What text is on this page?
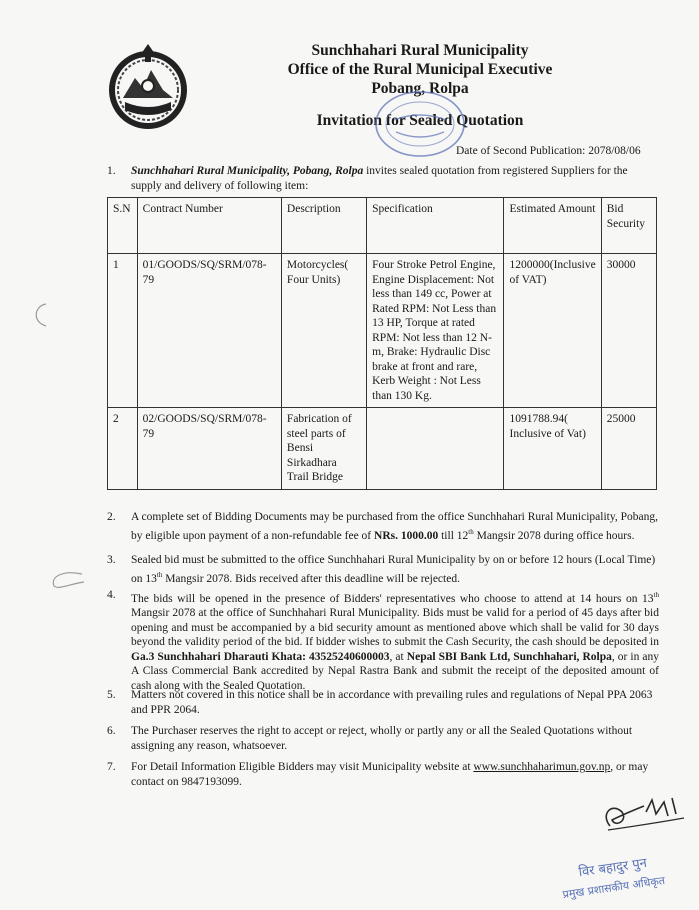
Sunchhahari Rural Municipality
Office of the Rural Municipal Executive
Pobang, Rolpa
Invitation for Sealed Quotation
Date of Second Publication: 2078/08/06
1. Sunchhahari Rural Municipality, Pobang, Rolpa invites sealed quotation from registered Suppliers for the supply and delivery of following item:
S.N	Contract Number	Description	Specification	Estimated Amount	Bid Security
1	01/GOODS/SQ/SRM/078-79	Motorcycles( Four Units)	Four Stroke Petrol Engine, Engine Displacement: Not less than 149 cc, Power at Rated RPM: Not Less than 13 HP, Torque at rated RPM: Not less than 12 N-m, Brake: Hydraulic Disc brake at front and rare, Kerb Weight : Not Less than 130 Kg.	1200000(Inclusive of VAT)	30000
2	02/GOODS/SQ/SRM/078-79	Fabrication of steel parts of Bensi Sirkadhara Trail Bridge		1091788.94( Inclusive of Vat)	25000
2. A complete set of Bidding Documents may be purchased from the office Sunchhahari Rural Municipality, Pobang, by eligible upon payment of a non-refundable fee of NRs. 1000.00 till 12th Mangsir 2078 during office hours.
3. Sealed bid must be submitted to the office Sunchhahari Rural Municipality by on or before 12 hours (Local Time) on 13th Mangsir 2078. Bids received after this deadline will be rejected.
4. The bids will be opened in the presence of Bidders' representatives who choose to attend at 14 hours on 13th Mangsir 2078 at the office of Sunchhahari Rural Municipality. Bids must be valid for a period of 45 days after bid opening and must be accompanied by a bid security amount as mentioned above which shall be valid for 30 days beyond the validity period of the bid. If bidder wishes to submit the Cash Security, the cash should be deposited in Ga.3 Sunchhahari Dharauti Khata: 43525240600003, at Nepal SBI Bank Ltd, Sunchhahari, Rolpa, or in any A Class Commercial Bank accredited by Nepal Rastra Bank and submit the receipt of the deposited amount of cash along with the Sealed Quotation.
5. Matters not covered in this notice shall be in accordance with prevailing rules and regulations of Nepal PPA 2063 and PPR 2064.
6. The Purchaser reserves the right to accept or reject, wholly or partly any or all the Sealed Quotations without assigning any reason, whatsoever.
7. For Detail Information Eligible Bidders may visit Municipality website at www.sunchhaharimun.gov.np, or may contact on 9847193099.
विर बहादुर पुन
प्रमुख प्रशासकीय अधिकृत
